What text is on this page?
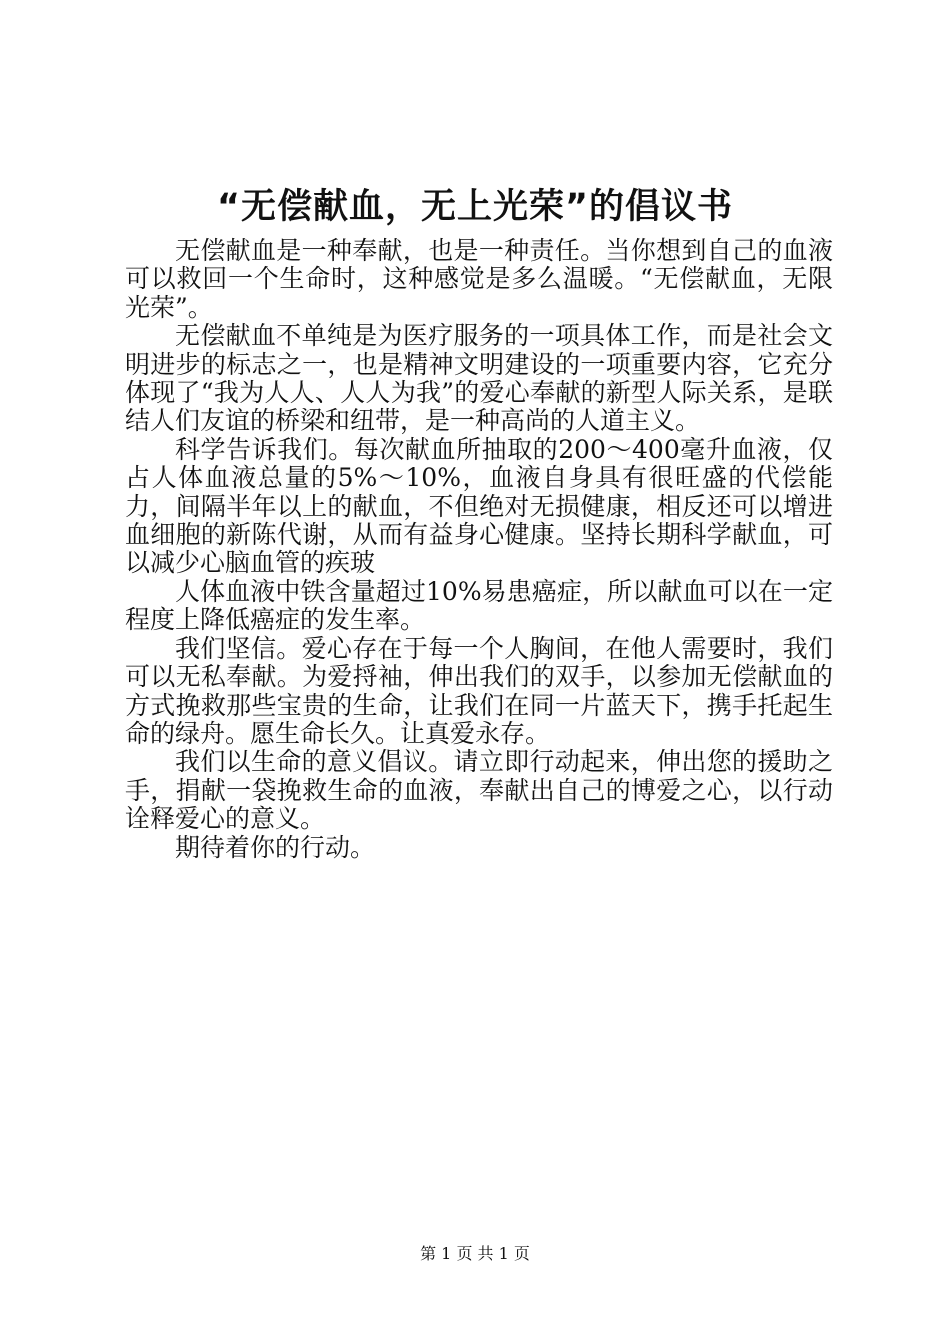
“无偿献血，无上光荣”的倡议书

无偿献血是一种奉献，也是一种责任。当你想到自己的血液可以救回一个生命时，这种感觉是多么温暖。“无偿献血，无限光荣”。

无偿献血不单纯是为医疗服务的一项具体工作，而是社会文明进步的标志之一，也是精神文明建设的一项重要内容，它充分体现了“我为人人、人人为我”的爱心奉献的新型人际关系，是联结人们友谊的桥梁和纽带，是一种高尚的人道主义。

科学告诉我们。每次献血所抽取的200～400毫升血液，仅占人体血液总量的5%～10%，血液自身具有很旺盛的代偿能力，间隔半年以上的献血，不但绝对无损健康，相反还可以增进血细胞的新陈代谢，从而有益身心健康。坚持长期科学献血，可以减少心脑血管的疾玻

人体血液中铁含量超过10%易患癌症，所以献血可以在一定程度上降低癌症的发生率。

我们坚信。爱心存在于每一个人胸间，在他人需要时，我们可以无私奉献。为爱捋袖，伸出我们的双手，以参加无偿献血的方式挽救那些宝贵的生命，让我们在同一片蓝天下，携手托起生命的绿舟。愿生命长久。让真爱永存。

我们以生命的意义倡议。请立即行动起来，伸出您的援助之手，捐献一袋挽救生命的血液，奉献出自己的博爱之心，以行动诠释爱心的意义。

期待着你的行动。

第 1 页 共 1 页
